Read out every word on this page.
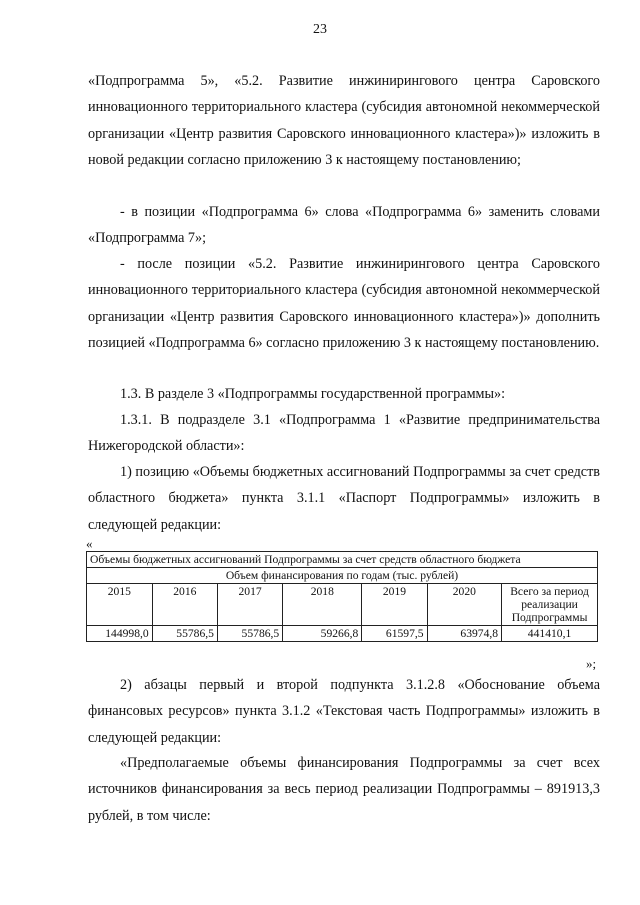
23
«Подпрограмма 5», «5.2. Развитие инжинирингового центра Саровского инновационного территориального кластера (субсидия автономной некоммерческой организации «Центр развития Саровского инновационного кластера»)» изложить в новой редакции согласно приложению 3 к настоящему постановлению;
- в позиции «Подпрограмма 6» слова «Подпрограмма 6» заменить словами «Подпрограмма 7»;
- после позиции «5.2. Развитие инжинирингового центра Саровского инновационного территориального кластера (субсидия автономной некоммерческой организации «Центр развития Саровского инновационного кластера»)» дополнить позицией «Подпрограмма 6» согласно приложению 3 к настоящему постановлению.
1.3. В разделе 3 «Подпрограммы государственной программы»:
1.3.1. В подразделе 3.1 «Подпрограмма 1 «Развитие предпринимательства Нижегородской области»:
1) позицию «Объемы бюджетных ассигнований Подпрограммы за счет средств областного бюджета» пункта 3.1.1 «Паспорт Подпрограммы» изложить в следующей редакции:
«
Объемы бюджетных ассигнований Подпрограммы за счет средств областного бюджета						
Объем финансирования по годам (тыс. рублей)						
2015	2016	2017	2018	2019	2020	Всего за период реализации Подпрограммы
144998,0	55786,5	55786,5	59266,8	61597,5	63974,8	441410,1
»;
2) абзацы первый и второй подпункта 3.1.2.8 «Обоснование объема финансовых ресурсов» пункта 3.1.2 «Текстовая часть Подпрограммы» изложить в следующей редакции:
«Предполагаемые объемы финансирования Подпрограммы за счет всех источников финансирования за весь период реализации Подпрограммы – 891913,3 рублей, в том числе:
